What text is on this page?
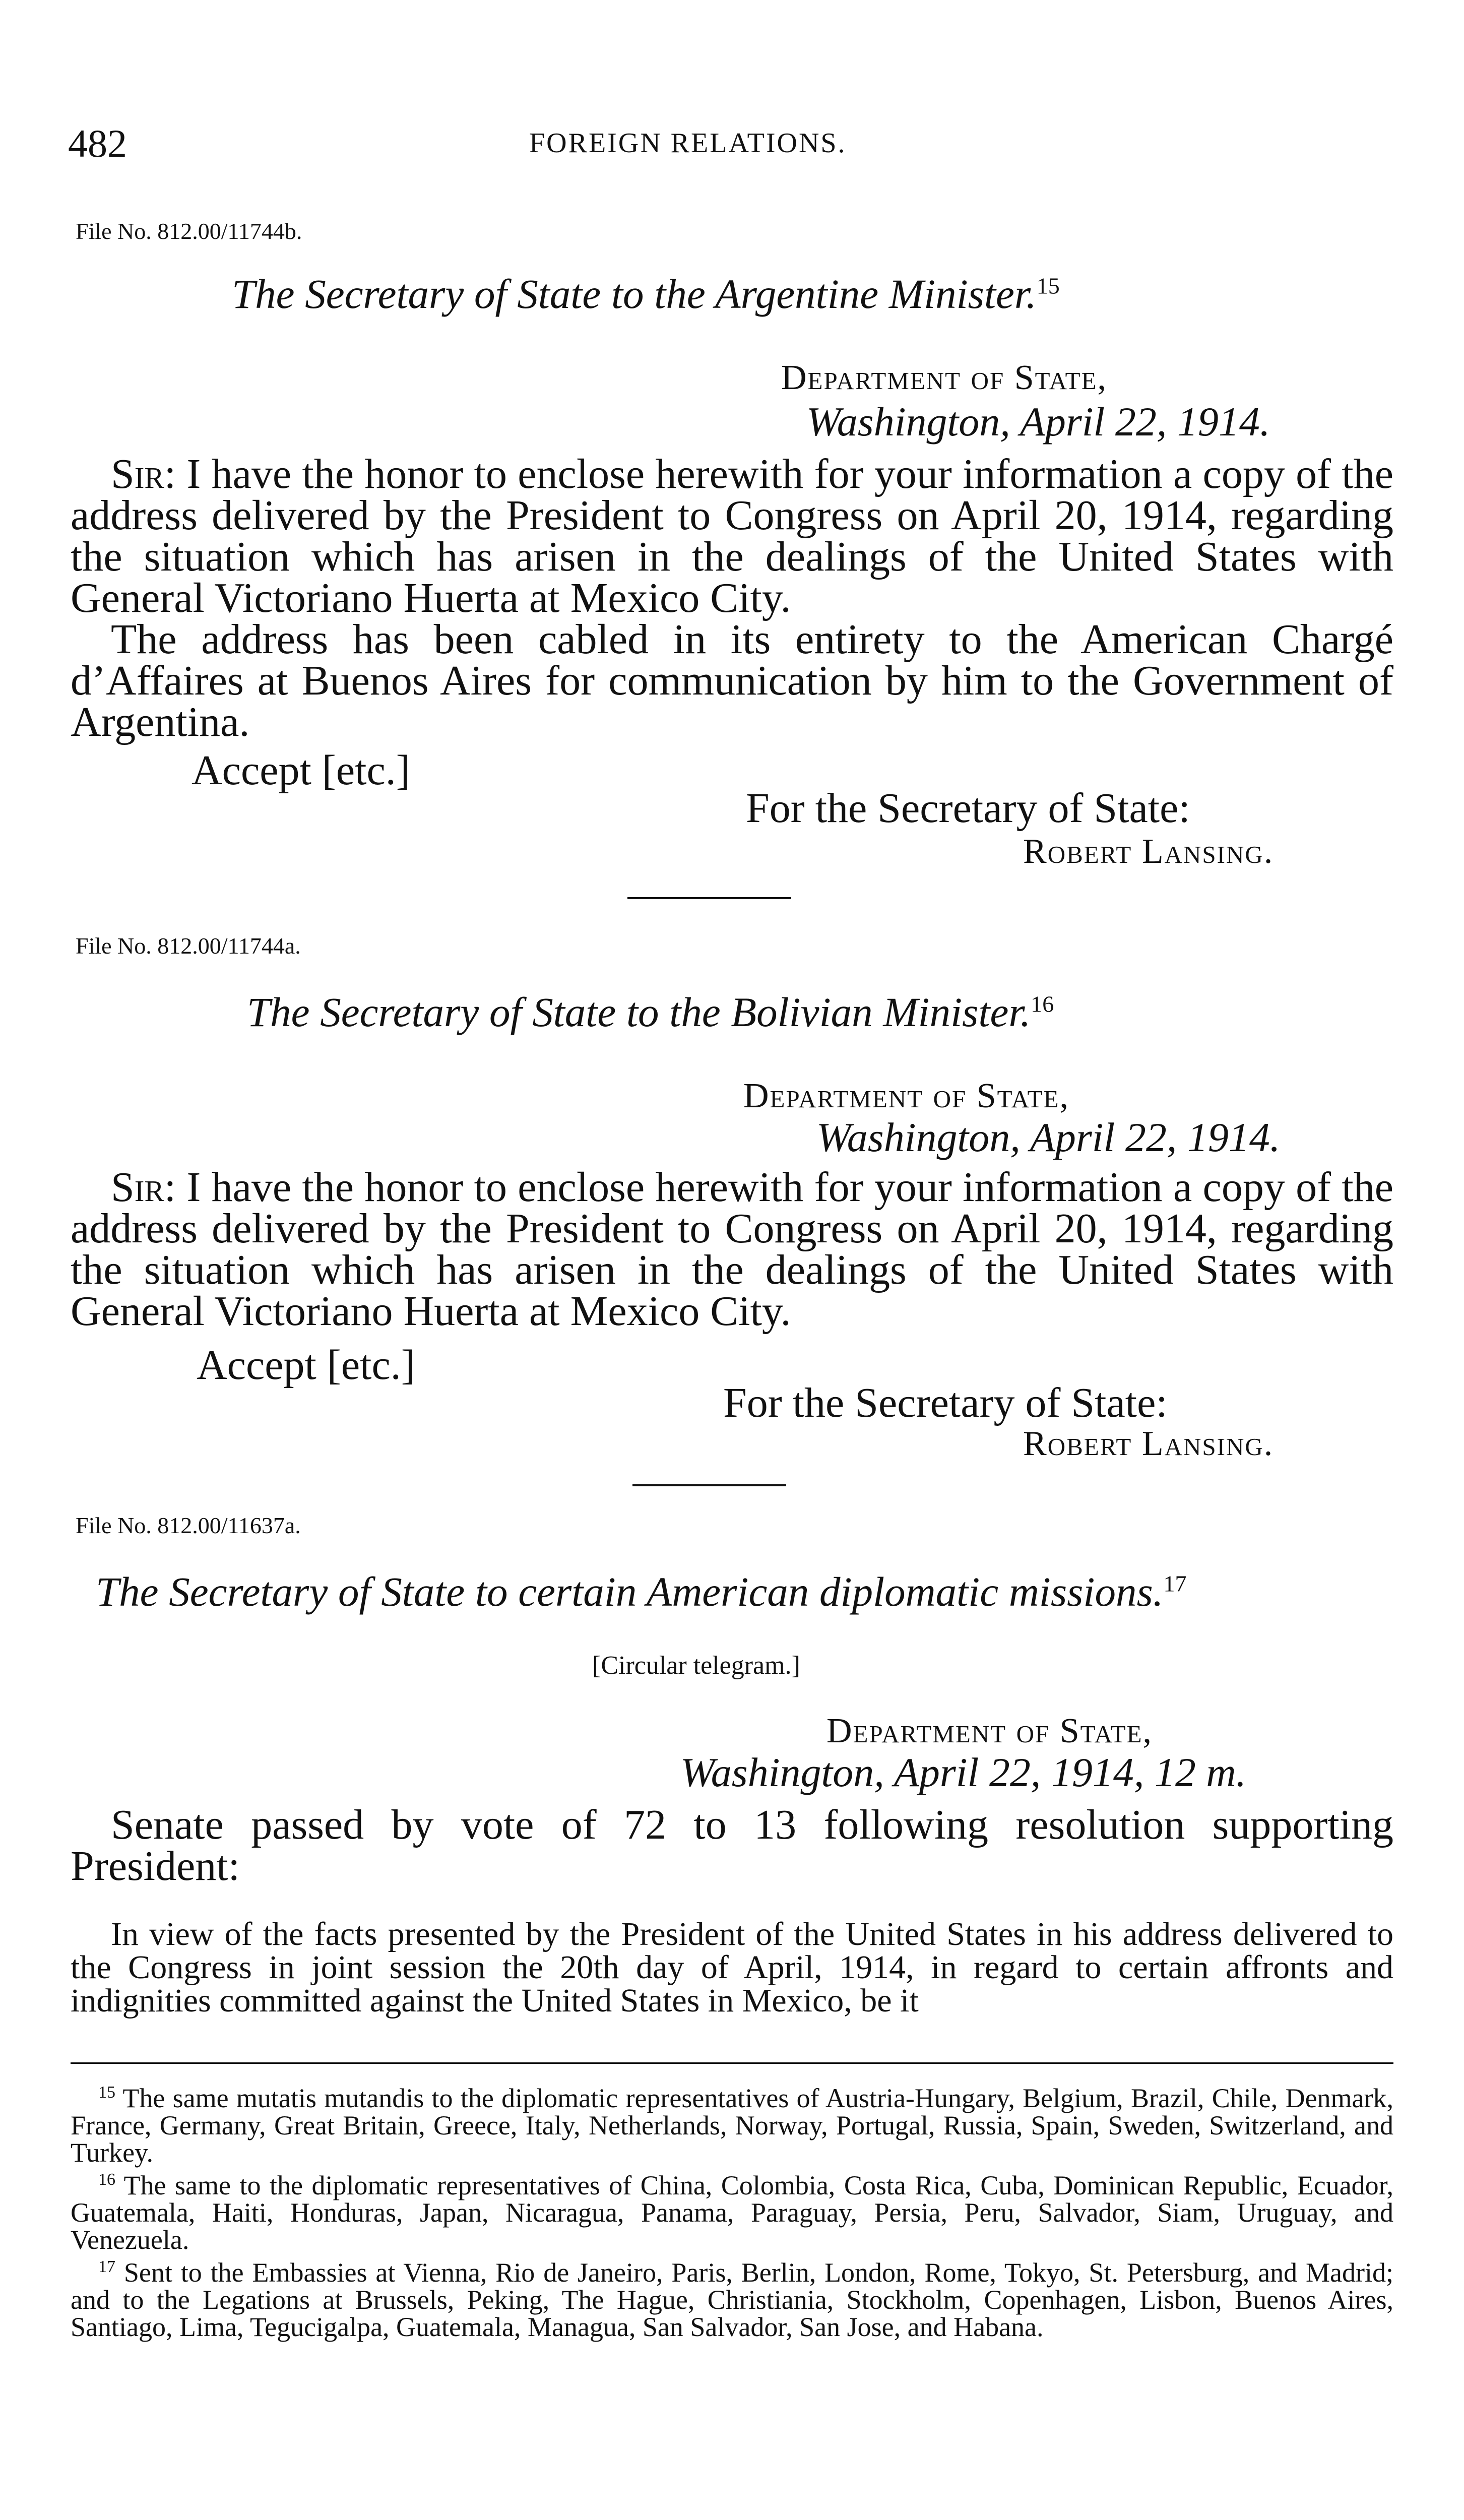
482	FOREIGN RELATIONS.
File No. 812.00/11744b.
The Secretary of State to the Argentine Minister.$^{15}$
Department of State,
Washington, April 22, 1914.

Sir: I have the honor to enclose herewith for your information a copy of the address delivered by the President to Congress on April 20, 1914, regarding the situation which has arisen in the dealings of the United States with General Victoriano Huerta at Mexico City.

The address has been cabled in its entirety to the American Chargé d’Affaires at Buenos Aires for communication by him to the Government of Argentina.

Accept [etc.]
For the Secretary of State:
Robert Lansing.
File No. 812.00/11744a.
The Secretary of State to the Bolivian Minister.$^{16}$
Department of State,
Washington, April 22, 1914.

Sir: I have the honor to enclose herewith for your information a copy of the address delivered by the President to Congress on April 20, 1914, regarding the situation which has arisen in the dealings of the United States with General Victoriano Huerta at Mexico City.

Accept [etc.]
For the Secretary of State:
Robert Lansing.
File No. 812.00/11637a.
The Secretary of State to certain American diplomatic missions.$^{17}$
[Circular telegram.]
Department of State,
Washington, April 22, 1914, 12 m.

Senate passed by vote of 72 to 13 following resolution supporting President:

In view of the facts presented by the President of the United States in his address delivered to the Congress in joint session the 20th day of April, 1914, in regard to certain affronts and indignities committed against the United States in Mexico, be it

$^{15}$ The same mutatis mutandis to the diplomatic representatives of Austria-Hungary, Belgium, Brazil, Chile, Denmark, France, Germany, Great Britain, Greece, Italy, Netherlands, Norway, Portugal, Russia, Spain, Sweden, Switzerland, and Turkey.

$^{16}$ The same to the diplomatic representatives of China, Colombia, Costa Rica, Cuba, Dominican Republic, Ecuador, Guatemala, Haiti, Honduras, Japan, Nicaragua, Panama, Paraguay, Persia, Peru, Salvador, Siam, Uruguay, and Venezuela.

$^{17}$ Sent to the Embassies at Vienna, Rio de Janeiro, Paris, Berlin, London, Rome, Tokyo, St. Petersburg, and Madrid; and to the Legations at Brussels, Peking, The Hague, Christiania, Stockholm, Copenhagen, Lisbon, Buenos Aires, Santiago, Lima, Tegucigalpa, Guatemala, Managua, San Salvador, San Jose, and Habana.
